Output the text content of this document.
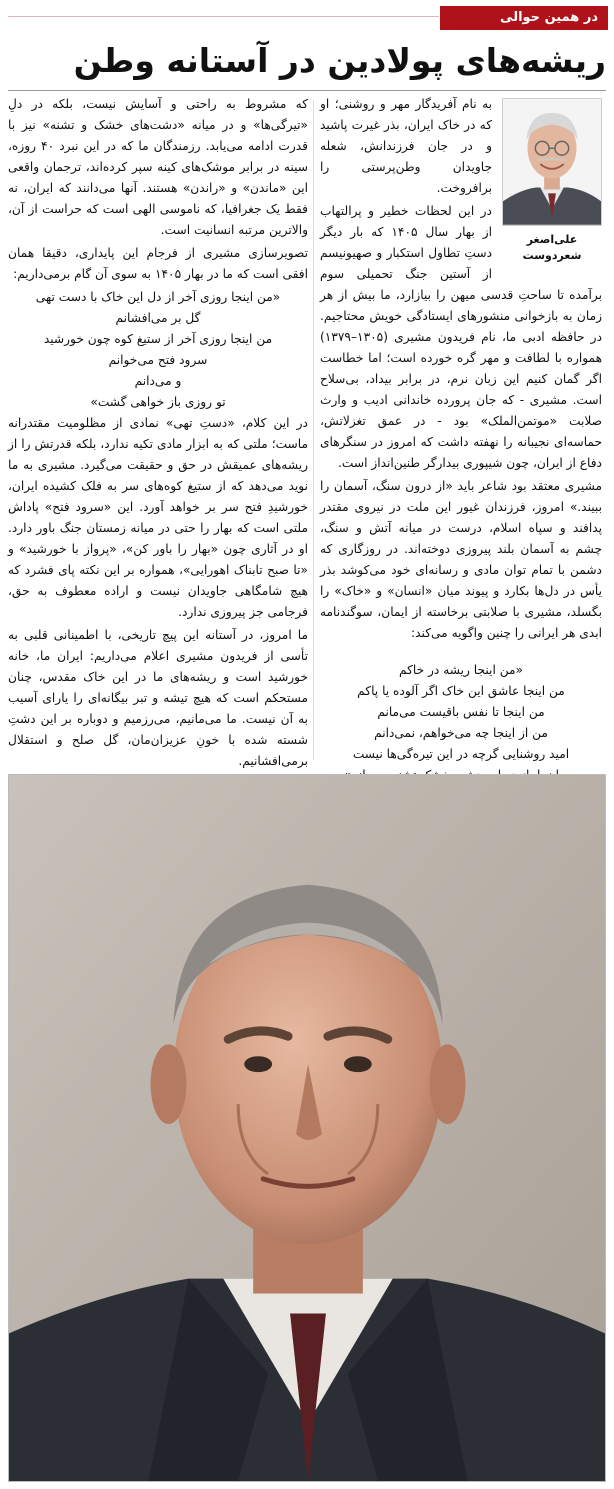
در همین حوالی
ریشه‌های پولادین در آستانه وطن
علی‌اصغر شعردوست

به نام آفریدگار مهر و روشنی؛ او که در خاک ایران، بذر غیرت پاشید و در جان فرزندانش، شعله جاویدان وطن‌پرستی را برافروخت.

در این لحظات خطیر و پرالتهاب از بهار سال ۱۴۰۵ که بار دیگر دستِ تطاول استکبار و صهیونیسم از آستین جنگ تحمیلی سوم برآمده تا ساحتِ قدسی میهن را بیازارد، ما بیش از هر زمان به بازخوانی منشورهای ایستادگی خویش محتاجیم. در حافظه ادبی ما، نام فریدون مشیری (۱۳۰۵–۱۳۷۹) همواره با لطافت و مهر گره خورده است؛ اما خطاست اگر گمان کنیم این زبان نرم، در برابر بیداد، بی‌سلاح است. مشیری - که جان پرورده خاندانی ادیب و وارث صلابت «موتمن‌الملک» بود - در عمق تغزلاتش، حماسه‌ای نجیبانه را نهفته داشت که امروز در سنگرهای دفاع از ایران، چون شیپوری بیدارگر طنین‌انداز است.

مشیری معتقد بود شاعر باید «از درون سنگ، آسمان را ببیند.» امروز، فرزندان غیور این ملت در نیروی مقتدر پدافند و سپاه اسلام، درست در میانه آتش و سنگ، چشم به آسمان بلند پیروزی دوخته‌اند. در روزگاری که دشمن با تمام توان مادی و رسانه‌ای خود می‌کوشد بذر یأس در دل‌ها بکارد و پیوند میان «انسان» و «خاک» را بگسلد، مشیری با صلابتی برخاسته از ایمان، سوگندنامه ابدی هر ایرانی را چنین واگویه می‌کند:

«من اینجا ریشه در خاکم

من اینجا عاشق این خاک اگر آلوده یا پاکم

من اینجا تا نفس باقیست می‌مانم

من از اینجا چه می‌خواهم، نمی‌دانم

امید روشنایی گرچه در این تیره‌گی‌ها نیست

که مشروط به راحتی و آسایش نیست، بلکه در دلِ «تیرگی‌ها» و در میانه «دشت‌های خشک و تشنه» نیز با قدرت ادامه می‌یابد. رزمندگان ما که در این نبرد ۴۰ روزه، سینه در برابر موشک‌های کینه سپر کرده‌اند، ترجمان واقعی این «ماندن» و «راندن» هستند. آنها می‌دانند که ایران، نه فقط یک جغرافیا، که ناموسی الهی است که حراست از آن، والاترین مرتبه انسانیت است.

تصویرسازی مشیری از فرجام این پایداری، دقیقا همان افقی است که ما در بهار ۱۴۰۵ به سوی آن گام برمی‌داریم:

«من اینجا روزی آخر از دل این خاک با دست تهی

گل بر می‌افشانم

من اینجا روزی آخر از ستیغ کوه چون خورشید

سرود فتح می‌خوانم

و می‌دانم

تو روزی باز خواهی گشت»

در این کلام، «دستِ تهی» نمادی از مظلومیت مقتدرانه ماست؛ ملتی که به ابزار مادی تکیه ندارد، بلکه قدرتش را از ریشه‌های عمیقش در حق و حقیقت می‌گیرد. مشیری به ما نوید می‌دهد که از ستیغ کوه‌های سر به فلک کشیده ایران، خورشیدِ فتح سر بر خواهد آورد. این «سرود فتح» پاداش ملتی است که بهار را حتی در میانه زمستان جنگ باور دارد. او در آثاری چون «بهار را باور کن»، «پرواز با خورشید» و «تا صبح تابناک اهورایی»، همواره بر این نکته پای فشرد که هیچ شامگاهی جاویدان نیست و اراده معطوف به حق، فرجامی جز پیروزی ندارد.

ما امروز، در آستانه این پیچ تاریخی، با اطمینانی قلبی به تأسی از فریدون مشیری اعلام می‌داریم: ایران ما، خانه خورشید است و ریشه‌های ما در این خاک مقدس، چنان مستحکم است که هیچ تیشه و تبر بیگانه‌ای را یارای آسیب به آن نیست. ما می‌مانیم، می‌رزمیم و دوباره بر این دشتِ شسته شده با خونِ عزیزان‌مان، گل صلح و استقلال برمی‌افشانیم.
